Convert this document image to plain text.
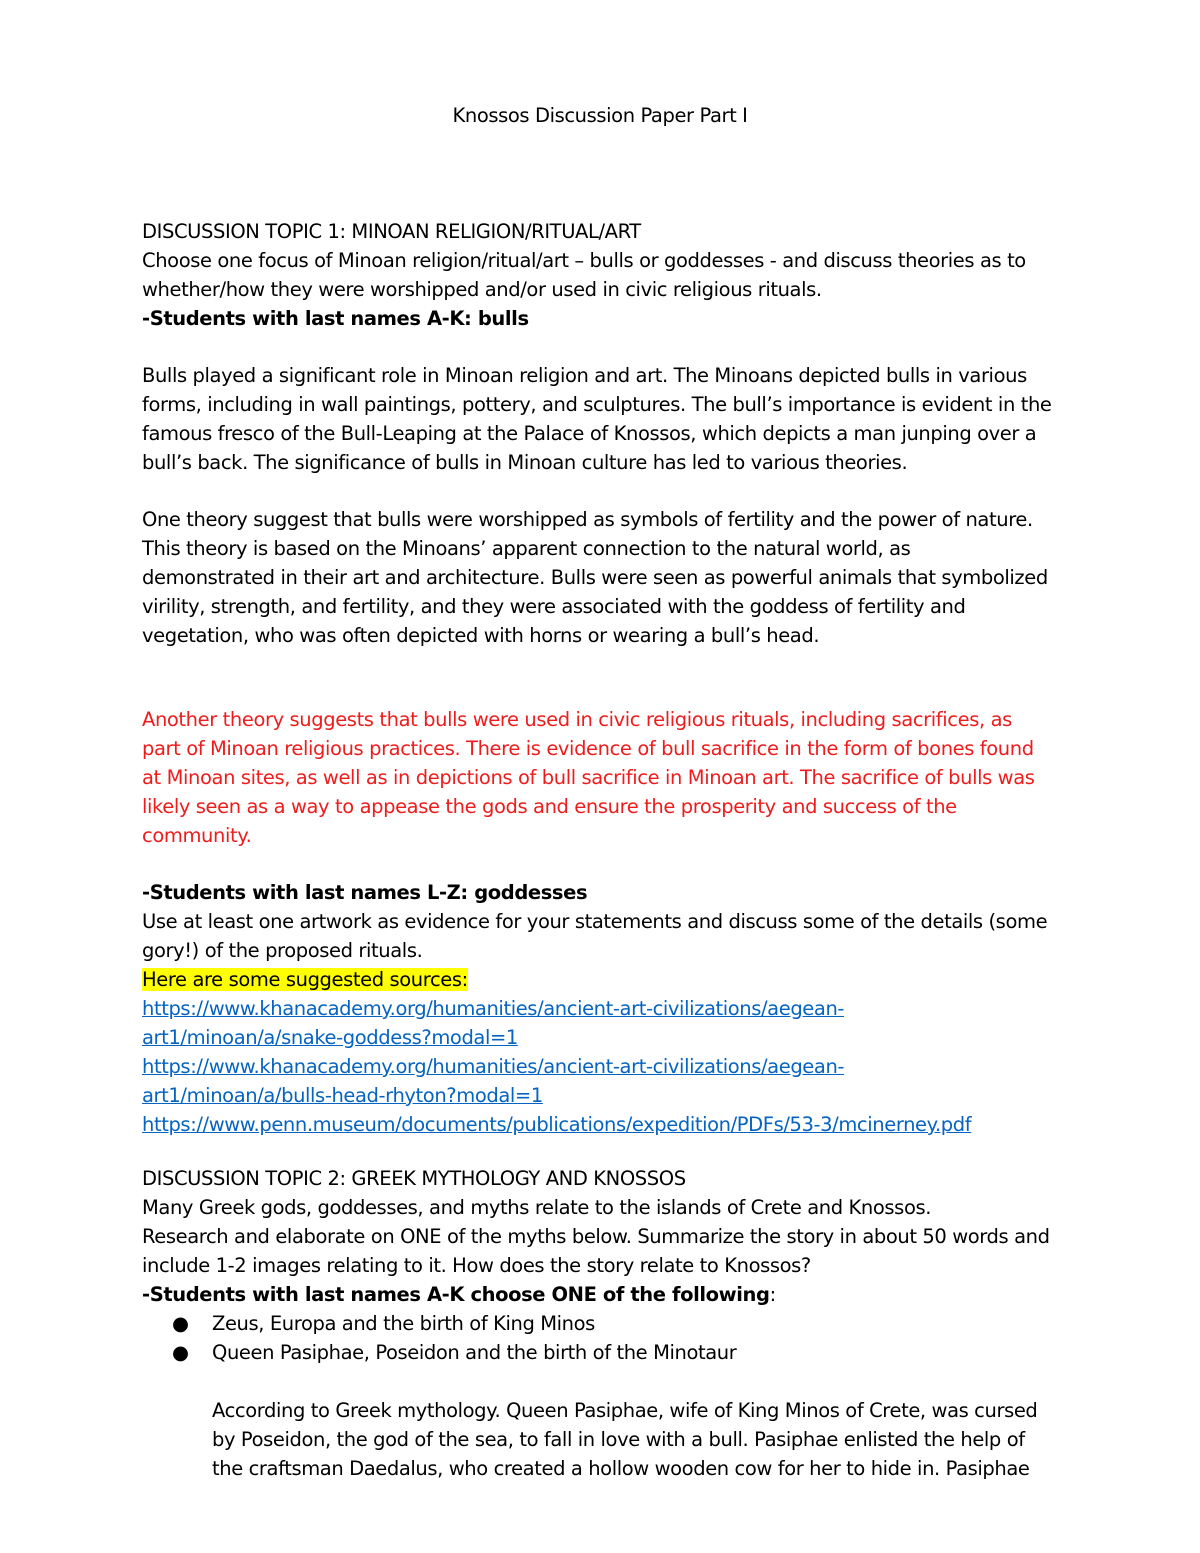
Knossos Discussion Paper Part I

DISCUSSION TOPIC 1: MINOAN RELIGION/RITUAL/ART

Choose one focus of Minoan religion/ritual/art – bulls or goddesses - and discuss theories as to

whether/how they were worshipped and/or used in civic religious rituals.

-Students with last names A-K: bulls

Bulls played a significant role in Minoan religion and art. The Minoans depicted bulls in various

forms, including in wall paintings, pottery, and sculptures. The bull’s importance is evident in the

famous fresco of the Bull-Leaping at the Palace of Knossos, which depicts a man junping over a

bull’s back. The significance of bulls in Minoan culture has led to various theories.

One theory suggest that bulls were worshipped as symbols of fertility and the power of nature.

This theory is based on the Minoans’ apparent connection to the natural world, as

demonstrated in their art and architecture. Bulls were seen as powerful animals that symbolized

virility, strength, and fertility, and they were associated with the goddess of fertility and

vegetation, who was often depicted with horns or wearing a bull’s head.

Another theory suggests that bulls were used in civic religious rituals, including sacrifices, as

part of Minoan religious practices. There is evidence of bull sacrifice in the form of bones found

at Minoan sites, as well as in depictions of bull sacrifice in Minoan art. The sacrifice of bulls was

likely seen as a way to appease the gods and ensure the prosperity and success of the

community.

-Students with last names L-Z: goddesses

Use at least one artwork as evidence for your statements and discuss some of the details (some

gory!) of the proposed rituals.

Here are some suggested sources:

https://www.khanacademy.org/humanities/ancient-art-civilizations/aegean-

art1/minoan/a/snake-goddess?modal=1

https://www.khanacademy.org/humanities/ancient-art-civilizations/aegean-

art1/minoan/a/bulls-head-rhyton?modal=1

https://www.penn.museum/documents/publications/expedition/PDFs/53-3/mcinerney.pdf

DISCUSSION TOPIC 2: GREEK MYTHOLOGY AND KNOSSOS

Many Greek gods, goddesses, and myths relate to the islands of Crete and Knossos.

Research and elaborate on ONE of the myths below. Summarize the story in about 50 words and

include 1-2 images relating to it. How does the story relate to Knossos?

-Students with last names A-K choose ONE of the following:

● Zeus, Europa and the birth of King Minos
● Queen Pasiphae, Poseidon and the birth of the Minotaur

According to Greek mythology. Queen Pasiphae, wife of King Minos of Crete, was cursed

by Poseidon, the god of the sea, to fall in love with a bull. Pasiphae enlisted the help of

the craftsman Daedalus, who created a hollow wooden cow for her to hide in. Pasiphae
